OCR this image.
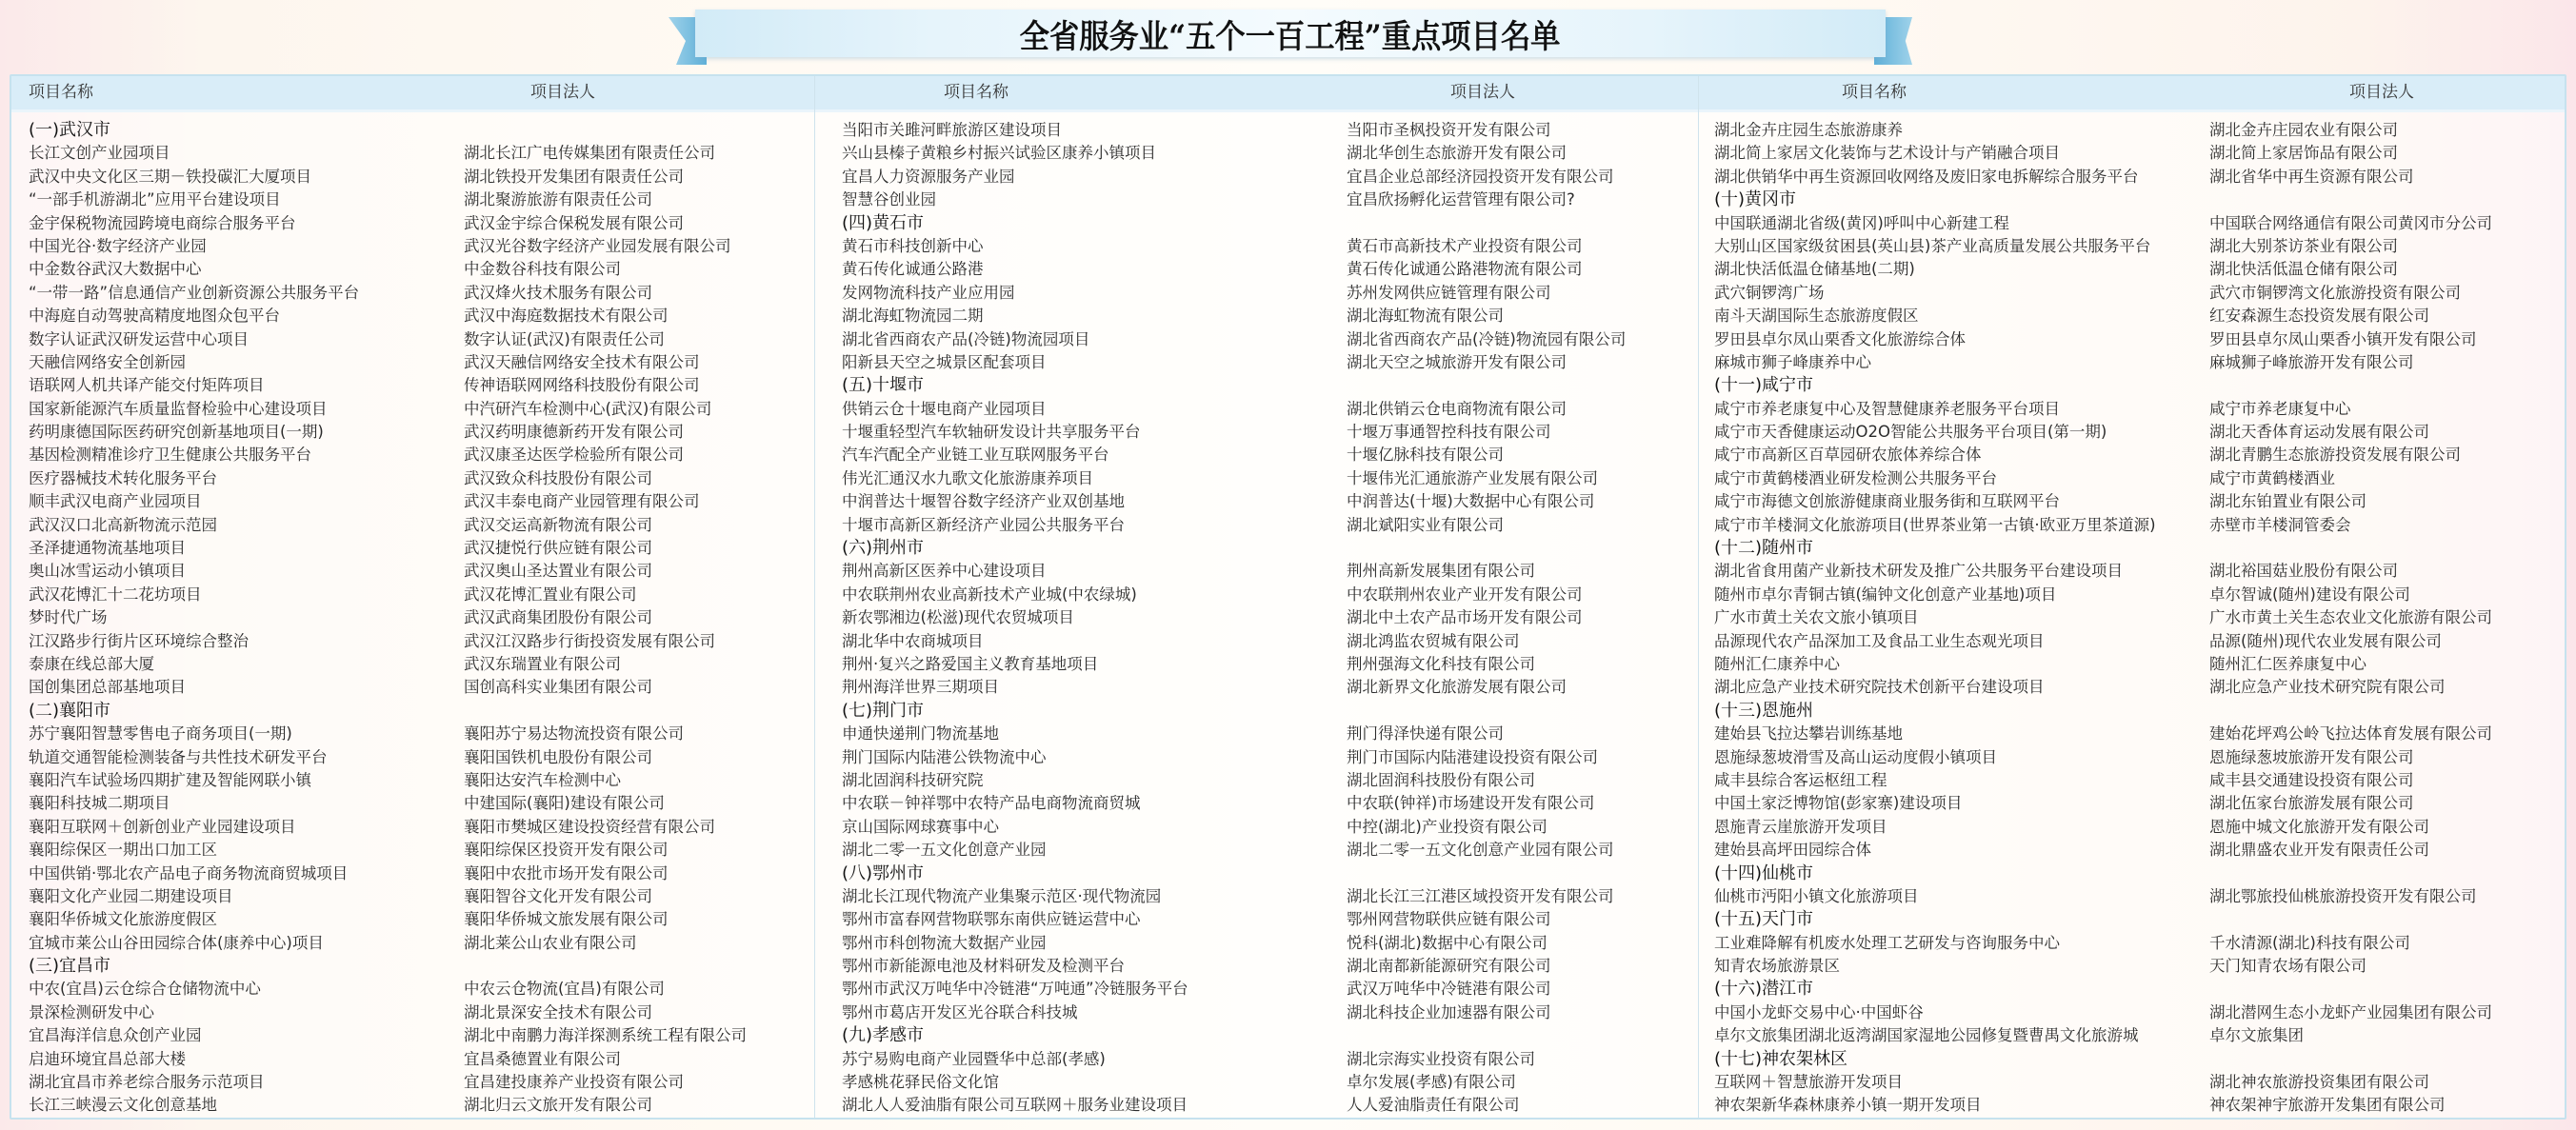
全省服务业“五个一百工程”重点项目名单
项目名称	项目法人
(一)武汉市
长江文创产业园项目	湖北长江广电传媒集团有限责任公司
武汉中央文化区三期－铁投碳汇大厦项目	湖北铁投开发集团有限责任公司
“一部手机游湖北”应用平台建设项目	湖北聚游旅游有限责任公司
金宇保税物流园跨境电商综合服务平台	武汉金宇综合保税发展有限公司
中国光谷·数字经济产业园	武汉光谷数字经济产业园发展有限公司
中金数谷武汉大数据中心	中金数谷科技有限公司
“一带一路”信息通信产业创新资源公共服务平台	武汉烽火技术服务有限公司
中海庭自动驾驶高精度地图众包平台	武汉中海庭数据技术有限公司
数字认证武汉研发运营中心项目	数字认证(武汉)有限责任公司
天融信网络安全创新园	武汉天融信网络安全技术有限公司
语联网人机共译产能交付矩阵项目	传神语联网网络科技股份有限公司
国家新能源汽车质量监督检验中心建设项目	中汽研汽车检测中心(武汉)有限公司
药明康德国际医药研究创新基地项目(一期)	武汉药明康德新药开发有限公司
基因检测精准诊疗卫生健康公共服务平台	武汉康圣达医学检验所有限公司
医疗器械技术转化服务平台	武汉致众科技股份有限公司
顺丰武汉电商产业园项目	武汉丰泰电商产业园管理有限公司
武汉汉口北高新物流示范园	武汉交运高新物流有限公司
圣泽捷通物流基地项目	武汉捷悦行供应链有限公司
奥山冰雪运动小镇项目	武汉奥山圣达置业有限公司
武汉花博汇十二花坊项目	武汉花博汇置业有限公司
梦时代广场	武汉武商集团股份有限公司
江汉路步行街片区环境综合整治	武汉江汉路步行街投资发展有限公司
泰康在线总部大厦	武汉东瑞置业有限公司
国创集团总部基地项目	国创高科实业集团有限公司
(二)襄阳市
苏宁襄阳智慧零售电子商务项目(一期)	襄阳苏宁易达物流投资有限公司
轨道交通智能检测装备与共性技术研发平台	襄阳国铁机电股份有限公司
襄阳汽车试验场四期扩建及智能网联小镇	襄阳达安汽车检测中心
襄阳科技城二期项目	中建国际(襄阳)建设有限公司
襄阳互联网＋创新创业产业园建设项目	襄阳市樊城区建设投资经营有限公司
襄阳综保区一期出口加工区	襄阳综保区投资开发有限公司
中国供销·鄂北农产品电子商务物流商贸城项目	襄阳中农批市场开发有限公司
襄阳文化产业园二期建设项目	襄阳智谷文化开发有限公司
襄阳华侨城文化旅游度假区	襄阳华侨城文旅发展有限公司
宜城市莱公山谷田园综合体(康养中心)项目	湖北莱公山农业有限公司
(三)宜昌市
中农(宜昌)云仓综合仓储物流中心	中农云仓物流(宜昌)有限公司
景深检测研发中心	湖北景深安全技术有限公司
宜昌海洋信息众创产业园	湖北中南鹏力海洋探测系统工程有限公司
启迪环境宜昌总部大楼	宜昌桑德置业有限公司
湖北宜昌市养老综合服务示范项目	宜昌建投康养产业投资有限公司
长江三峡漫云文化创意基地	湖北归云文旅开发有限公司
项目名称	项目法人
当阳市关雎河畔旅游区建设项目	当阳市圣枫投资开发有限公司
兴山县榛子黄粮乡村振兴试验区康养小镇项目	湖北华创生态旅游开发有限公司
宜昌人力资源服务产业园	宜昌企业总部经济园投资开发有限公司
智慧谷创业园	宜昌欣扬孵化运营管理有限公司?
(四)黄石市
黄石市科技创新中心	黄石市高新技术产业投资有限公司
黄石传化诚通公路港	黄石传化诚通公路港物流有限公司
发网物流科技产业应用园	苏州发网供应链管理有限公司
湖北海虹物流园二期	湖北海虹物流有限公司
湖北省西商农产品(冷链)物流园项目	湖北省西商农产品(冷链)物流园有限公司
阳新县天空之城景区配套项目	湖北天空之城旅游开发有限公司
(五)十堰市
供销云仓十堰电商产业园项目	湖北供销云仓电商物流有限公司
十堰重轻型汽车软轴研发设计共享服务平台	十堰万事通智控科技有限公司
汽车汽配全产业链工业互联网服务平台	十堰亿脉科技有限公司
伟光汇通汉水九歌文化旅游康养项目	十堰伟光汇通旅游产业发展有限公司
中润普达十堰智谷数字经济产业双创基地	中润普达(十堰)大数据中心有限公司
十堰市高新区新经济产业园公共服务平台	湖北斌阳实业有限公司
(六)荆州市
荆州高新区医养中心建设项目	荆州高新发展集团有限公司
中农联荆州农业高新技术产业城(中农绿城)	中农联荆州农业产业开发有限公司
新农鄂湘边(松滋)现代农贸城项目	湖北中土农产品市场开发有限公司
湖北华中农商城项目	湖北鸿监农贸城有限公司
荆州·复兴之路爱国主义教育基地项目	荆州强海文化科技有限公司
荆州海洋世界三期项目	湖北新界文化旅游发展有限公司
(七)荆门市
申通快递荆门物流基地	荆门得泽快递有限公司
荆门国际内陆港公铁物流中心	荆门市国际内陆港建设投资有限公司
湖北固润科技研究院	湖北固润科技股份有限公司
中农联－钟祥鄂中农特产品电商物流商贸城	中农联(钟祥)市场建设开发有限公司
京山国际网球赛事中心	中控(湖北)产业投资有限公司
湖北二零一五文化创意产业园	湖北二零一五文化创意产业园有限公司
(八)鄂州市
湖北长江现代物流产业集聚示范区·现代物流园	湖北长江三江港区域投资开发有限公司
鄂州市富春网营物联鄂东南供应链运营中心	鄂州网营物联供应链有限公司
鄂州市科创物流大数据产业园	悦科(湖北)数据中心有限公司
鄂州市新能源电池及材料研发及检测平台	湖北南都新能源研究有限公司
鄂州市武汉万吨华中冷链港“万吨通”冷链服务平台	武汉万吨华中冷链港有限公司
鄂州市葛店开发区光谷联合科技城	湖北科技企业加速器有限公司
(九)孝感市
苏宁易购电商产业园暨华中总部(孝感)	湖北宗海实业投资有限公司
孝感桃花驿民俗文化馆	卓尔发展(孝感)有限公司
湖北人人爱油脂有限公司互联网＋服务业建设项目	人人爱油脂责任有限公司
项目名称	项目法人
湖北金卉庄园生态旅游康养	湖北金卉庄园农业有限公司
湖北简上家居文化装饰与艺术设计与产销融合项目	湖北简上家居饰品有限公司
湖北供销华中再生资源回收网络及废旧家电拆解综合服务平台	湖北省华中再生资源有限公司
(十)黄冈市
中国联通湖北省级(黄冈)呼叫中心新建工程	中国联合网络通信有限公司黄冈市分公司
大别山区国家级贫困县(英山县)茶产业高质量发展公共服务平台	湖北大别茶访茶业有限公司
湖北快活低温仓储基地(二期)	湖北快活低温仓储有限公司
武穴铜锣湾广场	武穴市铜锣湾文化旅游投资有限公司
南斗天湖国际生态旅游度假区	红安森源生态投资发展有限公司
罗田县卓尔凤山栗香文化旅游综合体	罗田县卓尔凤山栗香小镇开发有限公司
麻城市狮子峰康养中心	麻城狮子峰旅游开发有限公司
(十一)咸宁市
咸宁市养老康复中心及智慧健康养老服务平台项目	咸宁市养老康复中心
咸宁市天香健康运动O2O智能公共服务平台项目(第一期)	湖北天香体育运动发展有限公司
咸宁市高新区百草园研农旅体养综合体	湖北青鹏生态旅游投资发展有限公司
咸宁市黄鹤楼酒业研发检测公共服务平台	咸宁市黄鹤楼酒业
咸宁市海德文创旅游健康商业服务街和互联网平台	湖北东铂置业有限公司
咸宁市羊楼洞文化旅游项目(世界茶业第一古镇·欧亚万里茶道源)	赤壁市羊楼洞管委会
(十二)随州市
湖北省食用菌产业新技术研发及推广公共服务平台建设项目	湖北裕国菇业股份有限公司
随州市卓尔青铜古镇(编钟文化创意产业基地)项目	卓尔智诚(随州)建设有限公司
广水市黄土关农文旅小镇项目	广水市黄土关生态农业文化旅游有限公司
品源现代农产品深加工及食品工业生态观光项目	品源(随州)现代农业发展有限公司
随州汇仁康养中心	随州汇仁医养康复中心
湖北应急产业技术研究院技术创新平台建设项目	湖北应急产业技术研究院有限公司
(十三)恩施州
建始县飞拉达攀岩训练基地	建始花坪鸡公岭飞拉达体育发展有限公司
恩施绿葱坡滑雪及高山运动度假小镇项目	恩施绿葱坡旅游开发有限公司
咸丰县综合客运枢纽工程	咸丰县交通建设投资有限公司
中国土家泛博物馆(彭家寨)建设项目	湖北伍家台旅游发展有限公司
恩施青云崖旅游开发项目	恩施中城文化旅游开发有限公司
建始县高坪田园综合体	湖北鼎盛农业开发有限责任公司
(十四)仙桃市
仙桃市沔阳小镇文化旅游项目	湖北鄂旅投仙桃旅游投资开发有限公司
(十五)天门市
工业难降解有机废水处理工艺研发与咨询服务中心	千水清源(湖北)科技有限公司
知青农场旅游景区	天门知青农场有限公司
(十六)潜江市
中国小龙虾交易中心·中国虾谷	湖北潜网生态小龙虾产业园集团有限公司
卓尔文旅集团湖北返湾湖国家湿地公园修复暨曹禺文化旅游城	卓尔文旅集团
(十七)神农架林区
互联网＋智慧旅游开发项目	湖北神农旅游投资集团有限公司
神农架新华森林康养小镇一期开发项目	神农架神宇旅游开发集团有限公司
